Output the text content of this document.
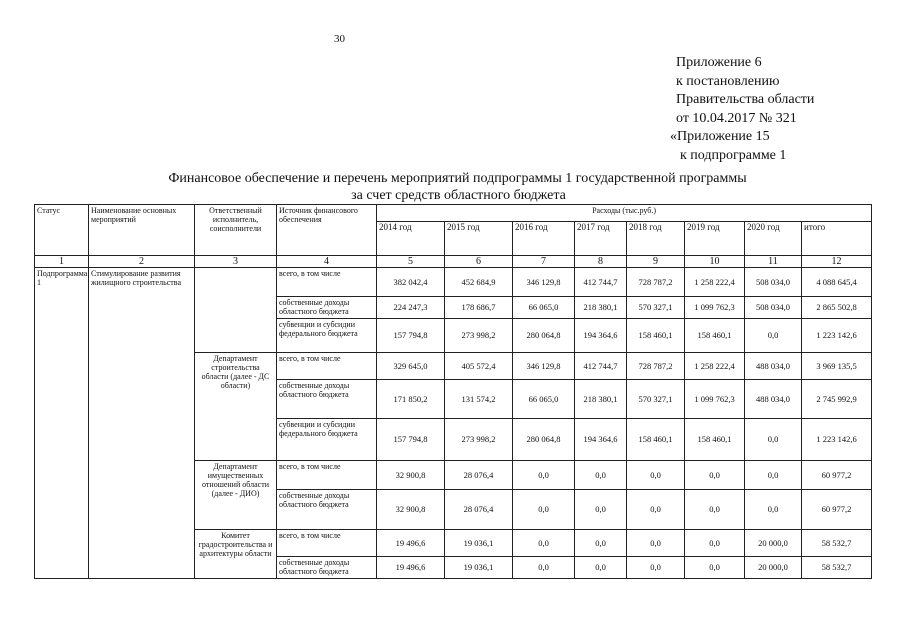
30
Приложение 6
к постановлению
Правительства области
от 10.04.2017 № 321
«Приложение 15
к подпрограмме 1
Финансовое обеспечение и перечень мероприятий подпрограммы 1 государственной программы
за счет средств областного бюджета
Статус	Наименование основных мероприятий	Ответственный исполнитель, соисполнители	Источник финансового обеспечения	Расходы (тыс.руб.)							
				2014 год	2015 год	2016 год	2017 год	2018 год	2019 год	2020 год	итого
1	2	3	4	5	6	7	8	9	10	11	12
Подпрограмма 1	Стимулирование развития жилищного строительства		всего, в том числе	382 042,4	452 684,9	346 129,8	412 744,7	728 787,2	1 258 222,4	508 034,0	4 088 645,4
			собственные доходы областного бюджета	224 247,3	178 686,7	66 065,0	218 380,1	570 327,1	1 099 762,3	508 034,0	2 865 502,8
			субвенции и субсидии федерального бюджета	157 794,8	273 998,2	280 064,8	194 364,6	158 460,1	158 460,1	0,0	1 223 142,6
		Департамент строительства области (далее - ДС области)	всего, в том числе	329 645,0	405 572,4	346 129,8	412 744,7	728 787,2	1 258 222,4	488 034,0	3 969 135,5
			собственные доходы областного бюджета	171 850,2	131 574,2	66 065,0	218 380,1	570 327,1	1 099 762,3	488 034,0	2 745 992,9
			субвенции и субсидии федерального бюджета	157 794,8	273 998,2	280 064,8	194 364,6	158 460,1	158 460,1	0,0	1 223 142,6
		Департамент имущественных отношений области (далее - ДИО)	всего, в том числе	32 900,8	28 076,4	0,0	0,0	0,0	0,0	0,0	60 977,2
			собственные доходы областного бюджета	32 900,8	28 076,4	0,0	0,0	0,0	0,0	0,0	60 977,2
		Комитет градостроительства и архитектуры области	всего, в том числе	19 496,6	19 036,1	0,0	0,0	0,0	0,0	20 000,0	58 532,7
			собственные доходы областного бюджета	19 496,6	19 036,1	0,0	0,0	0,0	0,0	20 000,0	58 532,7
